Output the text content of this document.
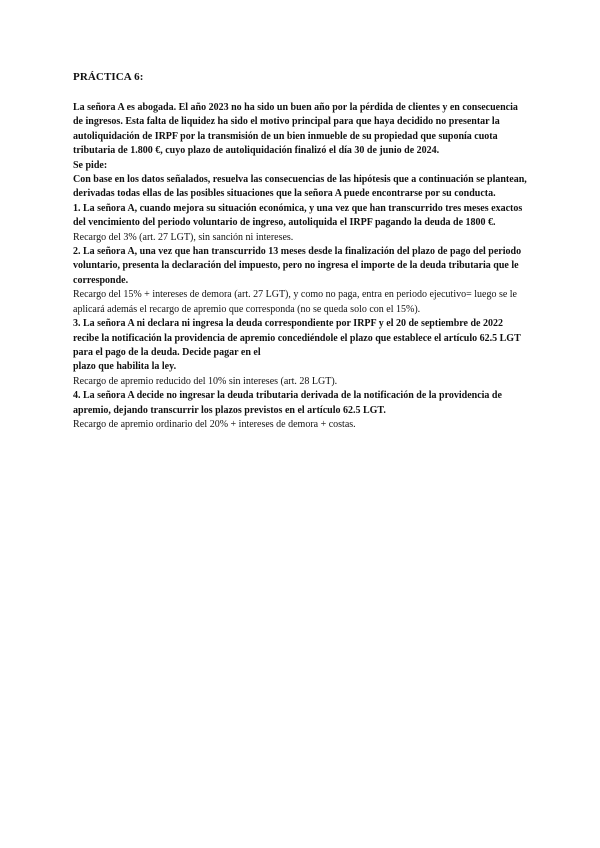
PRÁCTICA 6:

La señora A es abogada. El año 2023 no ha sido un buen año por la pérdida de clientes y en consecuencia de ingresos. Esta falta de liquidez ha sido el motivo principal para que haya decidido no presentar la autoliquidación de IRPF por la transmisión de un bien inmueble de su propiedad que suponía cuota tributaria de 1.800 €, cuyo plazo de autoliquidación finalizó el día 30 de junio de 2024.

Se pide:

Con base en los datos señalados, resuelva las consecuencias de las hipótesis que a continuación se plantean, derivadas todas ellas de las posibles situaciones que la señora A puede encontrarse por su conducta.

1. La señora A, cuando mejora su situación económica, y una vez que han transcurrido tres meses exactos del vencimiento del periodo voluntario de ingreso, autoliquida el IRPF pagando la deuda de 1800 €.

Recargo del 3% (art. 27 LGT), sin sanción ni intereses.

2. La señora A, una vez que han transcurrido 13 meses desde la finalización del plazo de pago del periodo voluntario, presenta la declaración del impuesto, pero no ingresa el importe de la deuda tributaria que le corresponde.

Recargo del 15% + intereses de demora (art. 27 LGT), y como no paga, entra en periodo ejecutivo= luego se le aplicará además el recargo de apremio que corresponda (no se queda solo con el 15%).

3. La señora A ni declara ni ingresa la deuda correspondiente por IRPF y el 20 de septiembre de 2022 recibe la notificación la providencia de apremio concediéndole el plazo que establece el artículo 62.5 LGT para el pago de la deuda. Decide pagar en el

plazo que habilita la ley.

Recargo de apremio reducido del 10% sin intereses (art. 28 LGT).

4. La señora A decide no ingresar la deuda tributaria derivada de la notificación de la providencia de apremio, dejando transcurrir los plazos previstos en el artículo 62.5 LGT.

Recargo de apremio ordinario del 20% + intereses de demora + costas.
